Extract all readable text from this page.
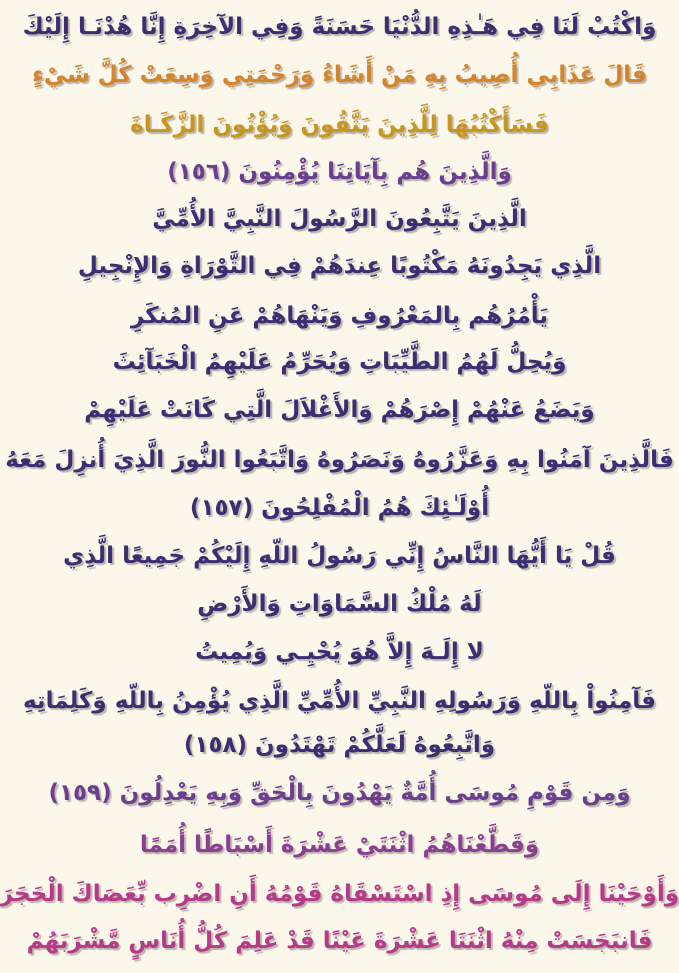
وَاكْتُبْ لَنَا فِي هَـٰذِهِ الدُّنْيَا حَسَنَةً وَفِي الآخِرَةِ إِنَّا هُدْنَـا إِلَيْكَ
قَالَ عَذَابِي أُصِيبُ بِهِ مَنْ أَشَاءُ وَرَحْمَتِي وَسِعَتْ كُلَّ شَيْءٍ
فَسَأَكْتُبُهَا لِلَّذِينَ يَتَّقُونَ وَيُؤْتُونَ الزَّكَـاةَ
وَالَّذِينَ هُم بِآيَاتِنَا يُؤْمِنُونَ (١٥٦)
الَّذِينَ يَتَّبِعُونَ الرَّسُولَ النَّبِيَّ الأُمِّيَّ
الَّذِي يَجِدُونَهُ مَكْتُوبًا عِندَهُمْ فِي التَّوْرَاةِ وَالإِنْجِيلِ
يَأْمُرُهُم بِالمَعْرُوفِ وَيَنْهَاهُمْ عَنِ المُنكَرِ
وَيُحِلُّ لَهُمُ الطَّيِّبَاتِ وَيُحَرِّمُ عَلَيْهِمُ الْخَبَآئِثَ
وَيَضَعُ عَنْهُمْ إِصْرَهُمْ وَالأَغْلاَلَ الَّتِي كَانَتْ عَلَيْهِمْ
فَالَّذِينَ آمَنُوا بِهِ وَعَزَّرُوهُ وَنَصَرُوهُ وَاتَّبَعُوا النُّورَ الَّذِيَ أُنزِلَ مَعَهُ
أُوْلَـٰئِكَ هُمُ الْمُفْلِحُونَ (١٥٧)
قُلْ يَا أَيُّهَا النَّاسُ إِنِّي رَسُولُ اللّهِ إِلَيْكُمْ جَمِيعًا الَّذِي
لَهُ مُلْكُ السَّمَاوَاتِ وَالأَرْضِ
لا إِلَـهَ إِلاَّ هُوَ يُحْيِـي وَيُمِيتُ
فَآمِنُواْ بِاللّهِ وَرَسُولِهِ النَّبِيِّ الأُمِّيِّ الَّذِي يُؤْمِنُ بِاللّهِ وَكَلِمَاتِهِ
وَاتَّبِعُوهُ لَعَلَّكُمْ تَهْتَدُونَ (١٥٨)
وَمِن قَوْمِ مُوسَى أُمَّةٌ يَهْدُونَ بِالْحَقِّ وَبِهِ يَعْدِلُونَ (١٥٩)
وَقَطَّعْنَاهُمُ اثْنَتَيْ عَشْرَةَ أَسْبَاطًا أُمَمًا
وَأَوْحَيْنَا إِلَى مُوسَى إِذِ اسْتَسْقَاهُ قَوْمُهُ أَنِ اضْرِب بِّعَصَاكَ الْحَجَرَ
فَانبَجَسَتْ مِنْهُ اثْنَتَا عَشْرَةَ عَيْنًا قَدْ عَلِمَ كُلُّ أُنَاسٍ مَّشْرَبَهُمْ
